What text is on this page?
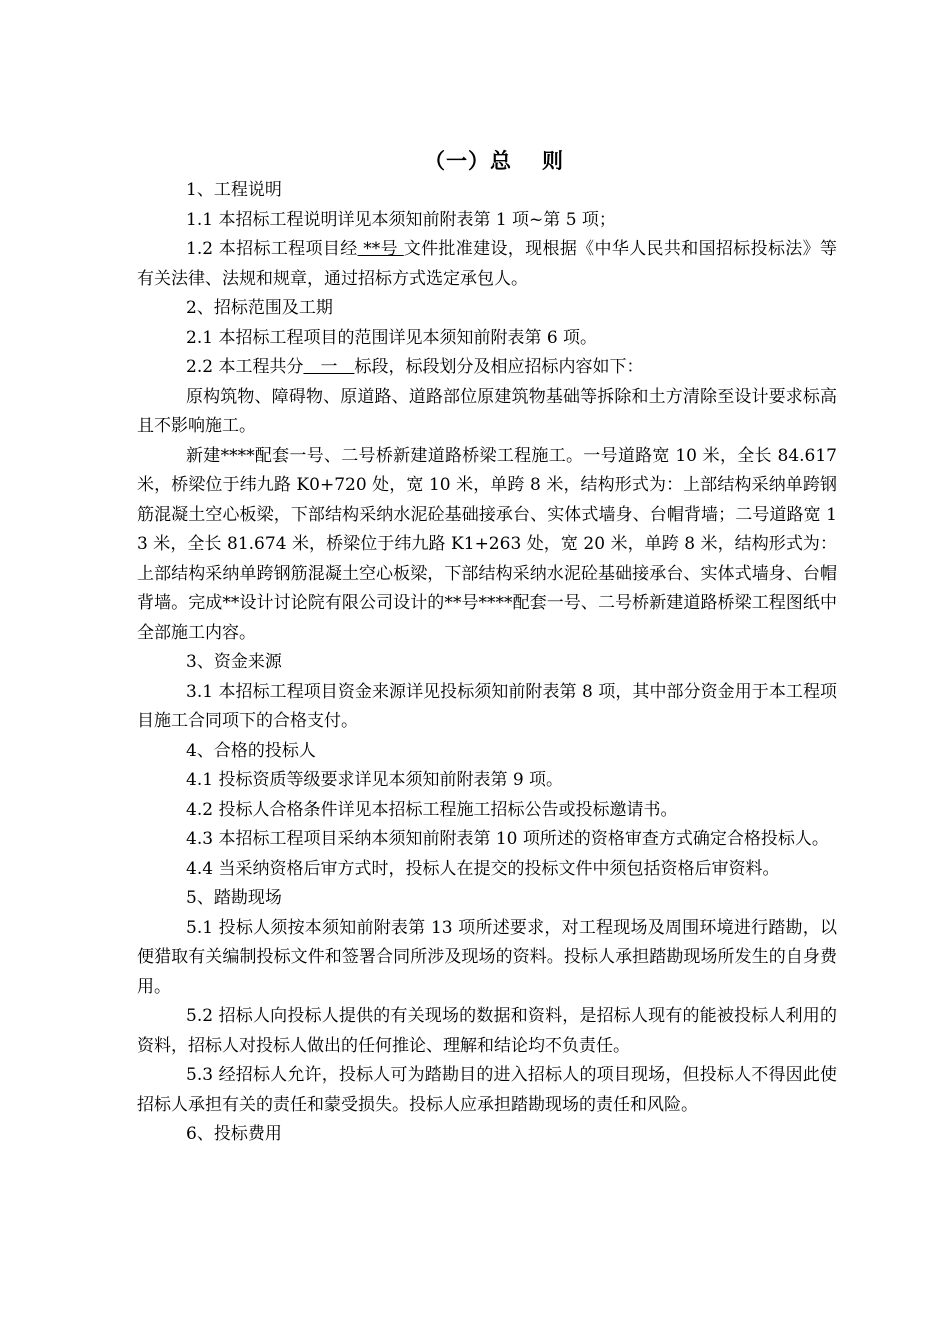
（一）总 则

1、工程说明

1.1 本招标工程说明详见本须知前附表第 1 项~第 5 项；

1.2 本招标工程项目经 **号 文件批准建设，现根据《中华人民共和国招标投标法》等有关法律、法规和规章，通过招标方式选定承包人。

2、招标范围及工期

2.1 本招标工程项目的范围详见本须知前附表第 6 项。

2.2 本工程共分　一　标段，标段划分及相应招标内容如下：

原构筑物、障碍物、原道路、道路部位原建筑物基础等拆除和土方清除至设计要求标高且不影响施工。

新建****配套一号、二号桥新建道路桥梁工程施工。一号道路宽 10 米，全长 84.617 米，桥梁位于纬九路 K0+720 处，宽 10 米，单跨 8 米，结构形式为：上部结构采纳单跨钢筋混凝土空心板梁，下部结构采纳水泥砼基础接承台、实体式墙身、台帽背墙；二号道路宽 13 米，全长 81.674 米，桥梁位于纬九路 K1+263 处，宽 20 米，单跨 8 米，结构形式为：上部结构采纳单跨钢筋混凝土空心板梁，下部结构采纳水泥砼基础接承台、实体式墙身、台帽背墙。完成**设计讨论院有限公司设计的**号****配套一号、二号桥新建道路桥梁工程图纸中全部施工内容。

3、资金来源

3.1 本招标工程项目资金来源详见投标须知前附表第 8 项，其中部分资金用于本工程项目施工合同项下的合格支付。

4、合格的投标人

4.1 投标资质等级要求详见本须知前附表第 9 项。

4.2 投标人合格条件详见本招标工程施工招标公告或投标邀请书。

4.3 本招标工程项目采纳本须知前附表第 10 项所述的资格审查方式确定合格投标人。

4.4 当采纳资格后审方式时，投标人在提交的投标文件中须包括资格后审资料。

5、踏勘现场

5.1 投标人须按本须知前附表第 13 项所述要求，对工程现场及周围环境进行踏勘，以便猎取有关编制投标文件和签署合同所涉及现场的资料。投标人承担踏勘现场所发生的自身费用。

5.2 招标人向投标人提供的有关现场的数据和资料，是招标人现有的能被投标人利用的资料，招标人对投标人做出的任何推论、理解和结论均不负责任。

5.3 经招标人允许，投标人可为踏勘目的进入招标人的项目现场，但投标人不得因此使招标人承担有关的责任和蒙受损失。投标人应承担踏勘现场的责任和风险。

6、投标费用
